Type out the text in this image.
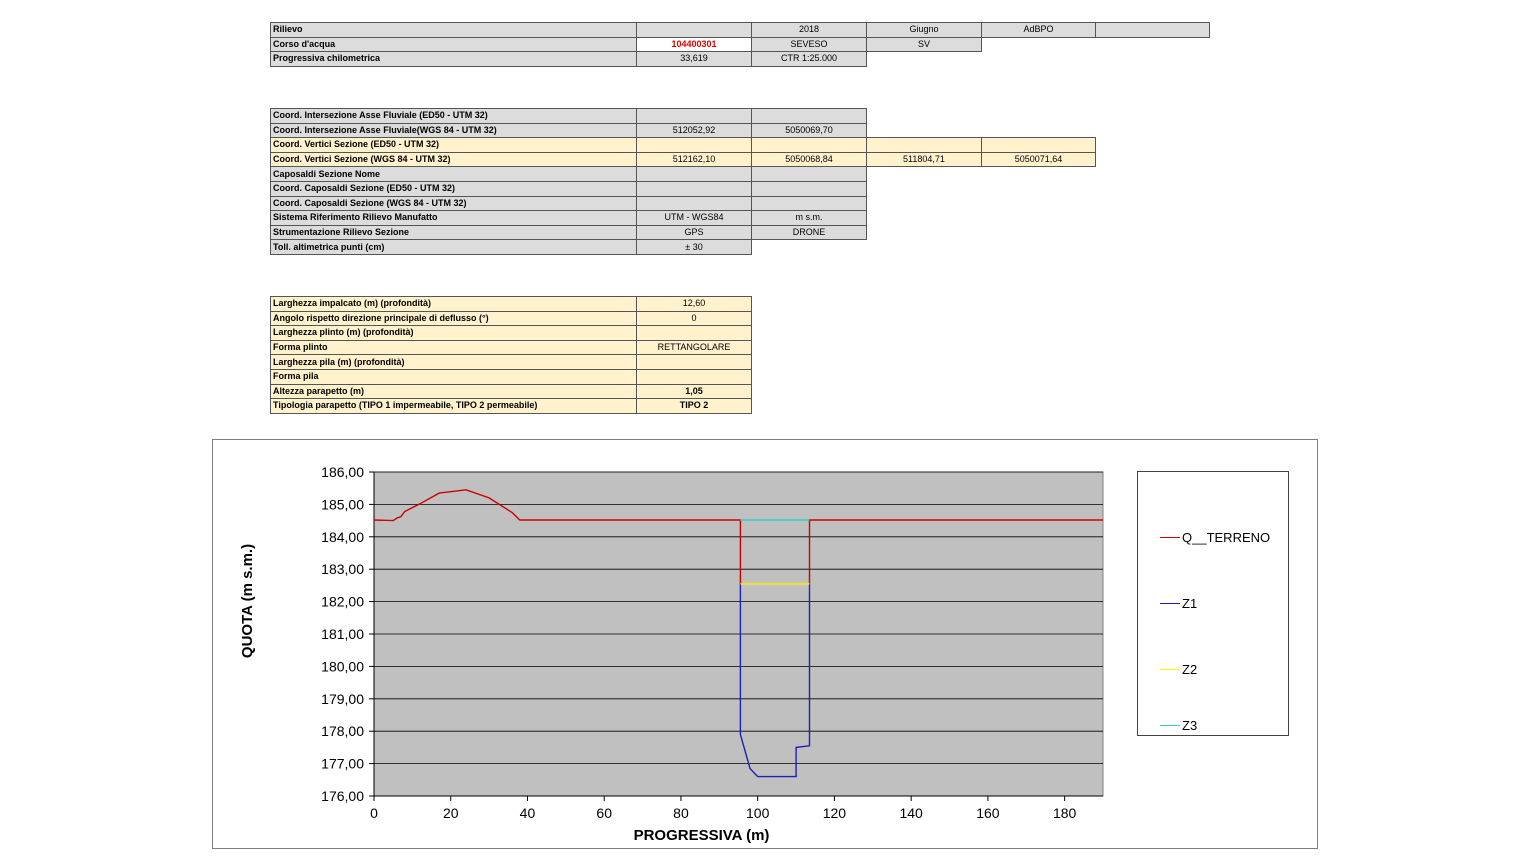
Rilievo		2018	Giugno	AdBPO	
Corso d'acqua	104400301	SEVESO	SV		
Progressiva chilometrica	33,619	CTR 1:25.000			
Coord. Intersezione Asse Fluviale (ED50 - UTM 32)				
Coord. Intersezione Asse Fluviale(WGS 84 - UTM 32)	512052,92	5050069,70		
Coord. Vertici Sezione (ED50 - UTM 32)				
Coord. Vertici Sezione (WGS 84 - UTM 32)	512162,10	5050068,84	511804,71	5050071,64
Caposaldi Sezione Nome				
Coord. Caposaldi Sezione (ED50 - UTM 32)				
Coord. Caposaldi Sezione (WGS 84 - UTM 32)				
Sistema Riferimento Rilievo Manufatto	UTM - WGS84	m s.m.		
Strumentazione Rilievo Sezione	GPS	DRONE		
Toll. altimetrica punti (cm)	± 30			
Larghezza impalcato (m) (profondità)	12,60
Angolo rispetto direzione principale di deflusso (°)	0
Larghezza plinto (m) (profondità)	
Forma plinto	RETTANGOLARE
Larghezza pila (m) (profondità)	
Forma pila	
Altezza parapetto (m)	1,05
Tipologia parapetto (TIPO 1 impermeabile, TIPO 2 permeabile)	TIPO 2
176,00
177,00
178,00
179,00
180,00
181,00
182,00
183,00
184,00
185,00
186,00
0	20	40	60	80	100	120	140	160	180
PROGRESSIVA (m)
QUOTA (m s.m.)
Q__TERRENO
Z1
Z2
Z3
